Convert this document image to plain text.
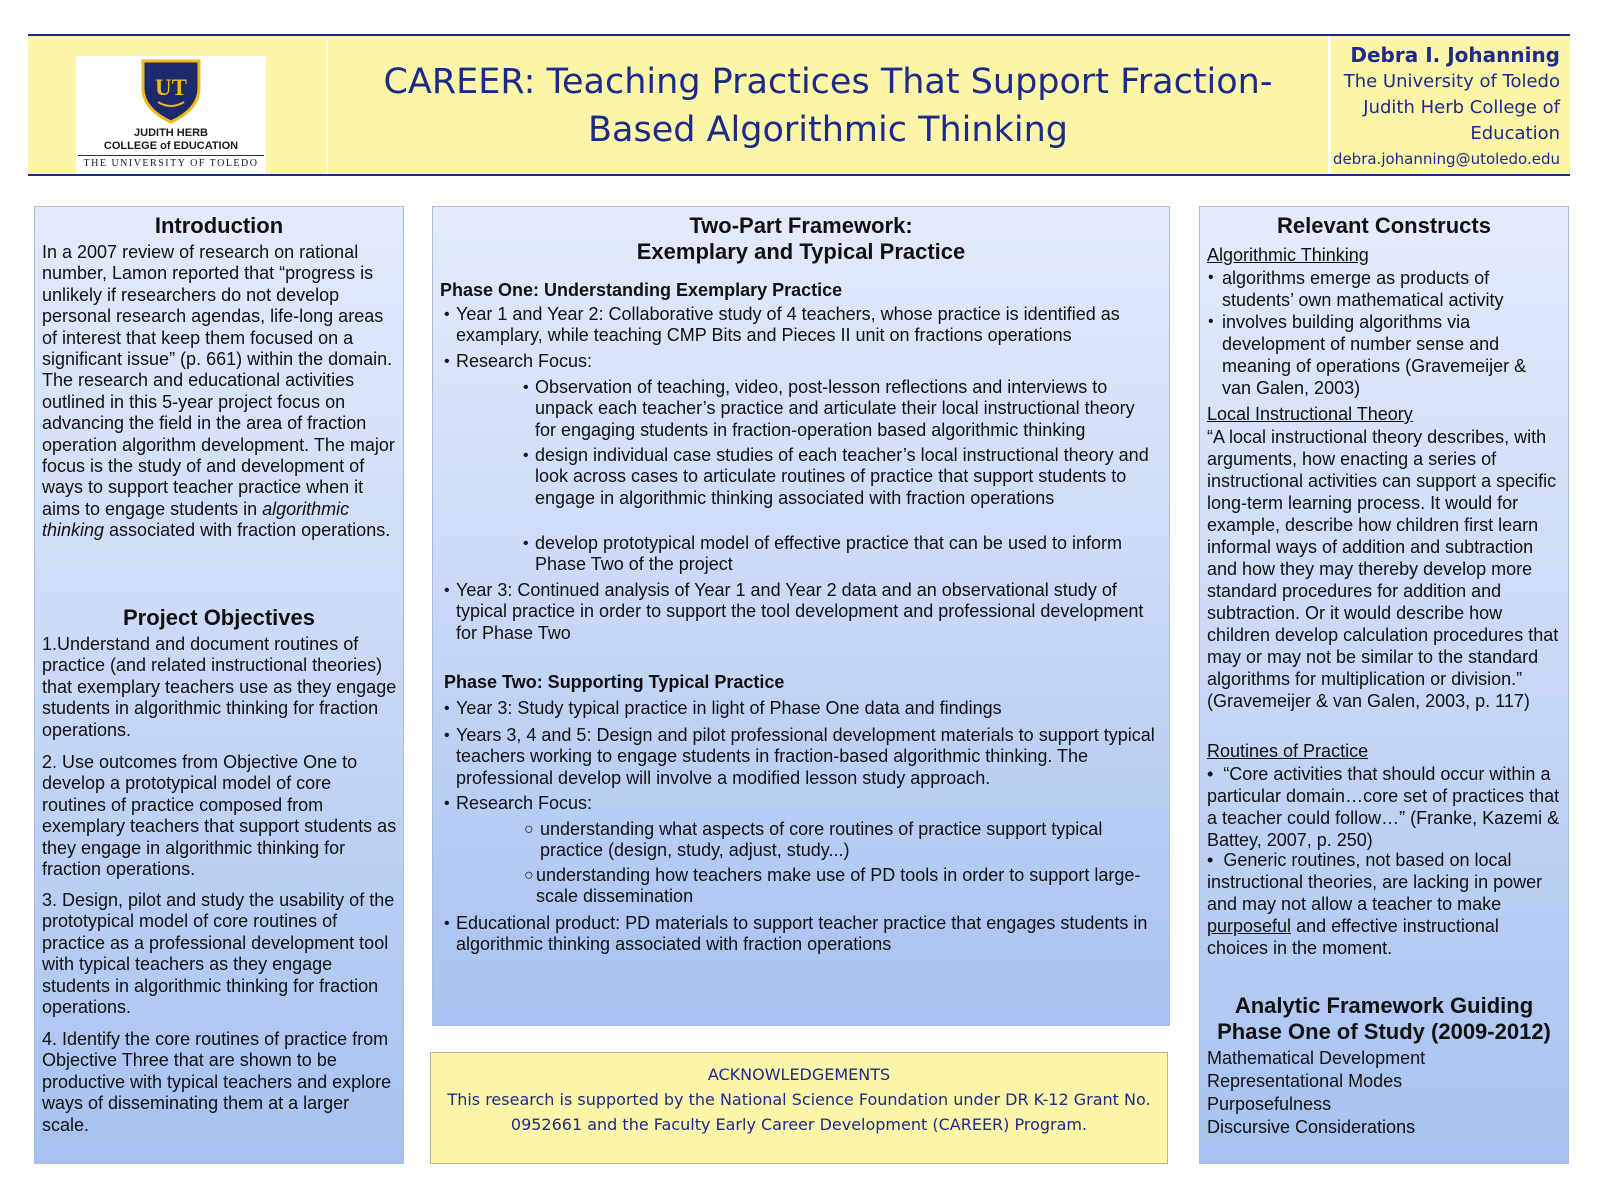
UT
JUDITH HERB
COLLEGE of EDUCATION
THE UNIVERSITY OF TOLEDO
CAREER: Teaching Practices That Support Fraction-
Based Algorithmic Thinking
Debra I. Johanning
The University of Toledo
Judith Herb College of
Education
debra.johanning@utoledo.edu
Introduction

In a 2007 review of research on rational number, Lamon reported that “progress is unlikely if researchers do not develop personal research agendas, life-long areas of interest that keep them focused on a significant issue” (p. 661) within the domain. The research and educational activities outlined in this 5-year project focus on advancing the field in the area of fraction operation algorithm development. The major focus is the study of and development of ways to support teacher practice when it aims to engage students in algorithmic thinking associated with fraction operations.

Project Objectives

1.Understand and document routines of practice (and related instructional theories) that exemplary teachers use as they engage students in algorithmic thinking for fraction operations.

2. Use outcomes from Objective One to develop a prototypical model of core routines of practice composed from exemplary teachers that support students as they engage in algorithmic thinking for fraction operations.

3. Design, pilot and study the usability of the prototypical model of core routines of practice as a professional development tool with typical teachers as they engage students in algorithmic thinking for fraction operations.

4. Identify the core routines of practice from Objective Three that are shown to be productive with typical teachers and explore ways of disseminating them at a larger scale.

Two-Part Framework:
Exemplary and Typical Practice
Phase One: Understanding Exemplary Practice
• Year 1 and Year 2: Collaborative study of 4 teachers, whose practice is identified as examplary, while teaching CMP Bits and Pieces II unit on fractions operations
• Research Focus:
• Observation of teaching, video, post-lesson reflections and interviews to unpack each teacher’s practice and articulate their local instructional theory for engaging students in fraction-operation based algorithmic thinking
• design individual case studies of each teacher’s local instructional theory and look across cases to articulate routines of practice that support students to engage in algorithmic thinking associated with fraction operations
• develop prototypical model of effective practice that can be used to inform Phase Two of the project
• Year 3: Continued analysis of Year 1 and Year 2 data and an observational study of typical practice in order to support the tool development and professional development for Phase Two
Phase Two: Supporting Typical Practice
• Year 3: Study typical practice in light of Phase One data and findings
• Years 3, 4 and 5: Design and pilot professional development materials to support typical teachers working to engage students in fraction-based algorithmic thinking. The professional develop will involve a modified lesson study approach.
• Research Focus:
○ understanding what aspects of core routines of practice support typical practice (design, study, adjust, study...)
○ understanding how teachers make use of PD tools in order to support large-scale dissemination
• Educational product: PD materials to support teacher practice that engages students in algorithmic thinking associated with fraction operations
ACKNOWLEDGEMENTS
This research is supported by the National Science Foundation under DR K-12 Grant No.
0952661 and the Faculty Early Career Development (CAREER) Program.
Relevant Constructs
Algorithmic Thinking
• algorithms emerge as products of students’ own mathematical activity
• involves building algorithms via development of number sense and meaning of operations (Gravemeijer & van Galen, 2003)
Local Instructional Theory
“A local instructional theory describes, with arguments, how enacting a series of instructional activities can support a specific long-term learning process. It would for example, describe how children first learn informal ways of addition and subtraction and how they may thereby develop more standard procedures for addition and subtraction. Or it would describe how children develop calculation procedures that may or may not be similar to the standard algorithms for multiplication or division.” (Gravemeijer & van Galen, 2003, p. 117)
Routines of Practice
•  “Core activities that should occur within a particular domain…core set of practices that a teacher could follow…” (Franke, Kazemi & Battey, 2007, p. 250)
•  Generic routines, not based on local instructional theories, are lacking in power and may not allow a teacher to make purposeful and effective instructional choices in the moment.
Analytic Framework Guiding
Phase One of Study (2009-2012)
Mathematical Development
Representational Modes
Purposefulness
Discursive Considerations
